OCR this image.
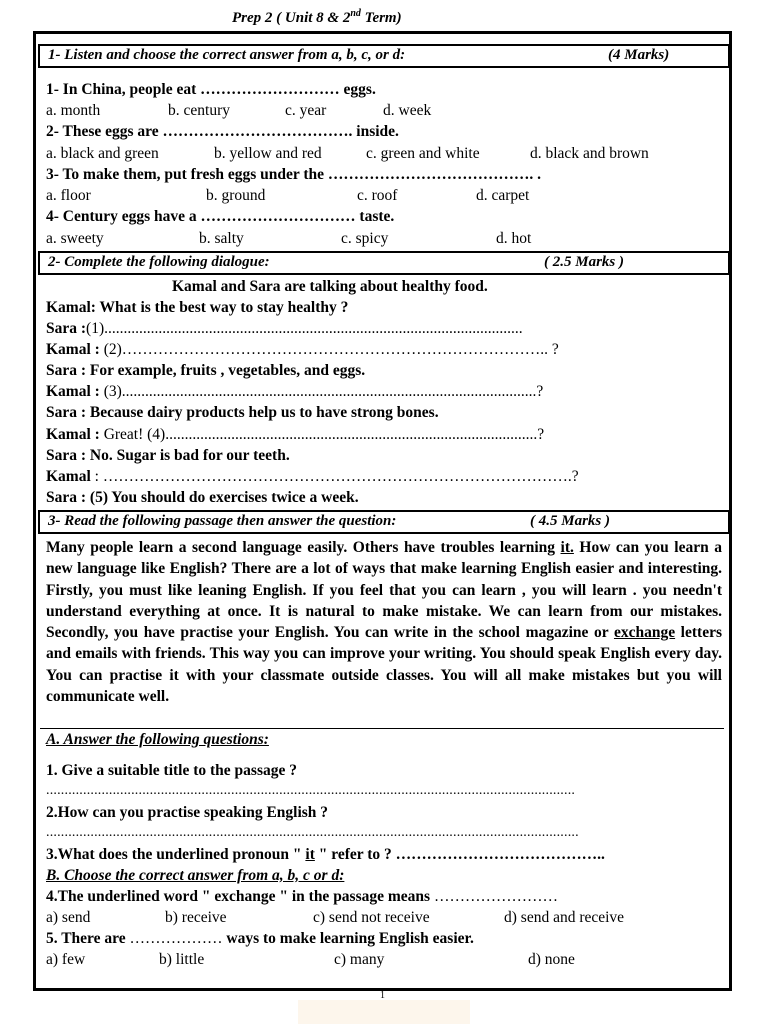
Prep 2 ( Unit 8 & 2nd Term)
1- Listen and choose the correct answer from a, b, c, or d:	(4 Marks)
1- In China, people eat ……………………… eggs.
a. month	b. century	c. year	d. week
2- These eggs are ………………………………. inside.
a. black and green	b. yellow and red	c. green and white	d. black and brown
3- To make them, put fresh eggs under the …………………………………. .
a. floor	b. ground	c. roof	d. carpet
4- Century eggs have a ………………………… taste.
a. sweety	b. salty	c. spicy	d. hot
2- Complete the following dialogue:	( 2.5 Marks )
Kamal and Sara are talking about healthy food.
Kamal: What is the best way to stay healthy ?
Sara :(1)............................................................................................................
Kamal : (2)……………………………………………………………………….. ?
Sara : For example, fruits , vegetables, and eggs.
Kamal : (3)...........................................................................................................?
Sara : Because dairy products help us to have strong bones.
Kamal : Great! (4)................................................................................................?
Sara : No. Sugar is bad for our teeth.
Kamal : ……………………………………………………………………………….?
Sara : (5) You should do exercises twice a week.
3- Read the following passage then answer the question:	( 4.5 Marks )

Many people learn a second language easily. Others have troubles learning it. How can you learn a new language like English? There are a lot of ways that make learning English easier and interesting. Firstly, you must like leaning English. If you feel that you can learn , you will learn . you needn't understand everything at once. It is natural to make mistake. We can learn from our mistakes. Secondly, you have practise your English. You can write in the school magazine or exchange letters and emails with friends. This way you can improve your writing. You should speak English every day. You can practise it with your classmate outside classes. You will all make mistakes but you will communicate well.

A. Answer the following questions:
1. Give a suitable title to the passage ?
...............................................................................................................................................
2.How can you practise speaking English ?
................................................................................................................................................
3.What does the underlined pronoun " it " refer to ? …………………………………..
B. Choose the correct answer from a, b, c or d:
4.The underlined word " exchange " in the passage means ……………………
a) send	b) receive	c) send not receive	d) send and receive
5. There are ……………… ways to make learning English easier.
a) few	b) little	c) many	d) none
1
